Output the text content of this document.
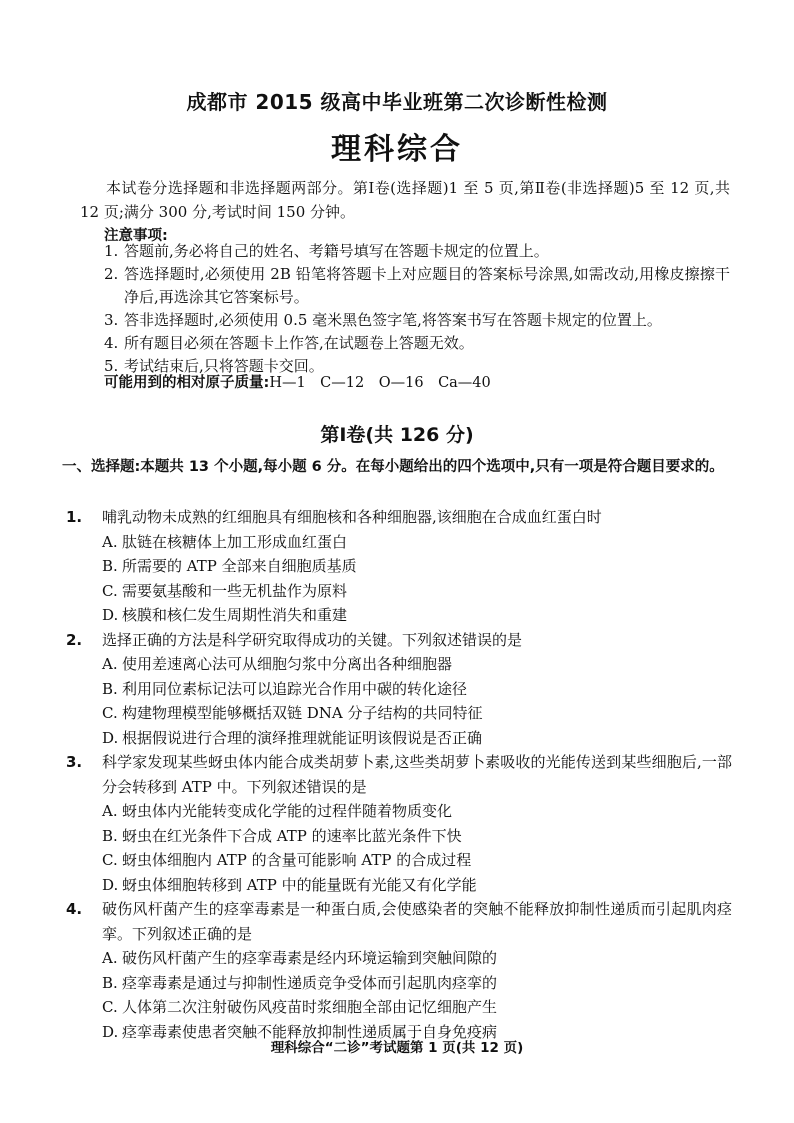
成都市 2015 级高中毕业班第二次诊断性检测
理科综合
本试卷分选择题和非选择题两部分。第Ⅰ卷(选择题)1 至 5 页,第Ⅱ卷(非选择题)5 至 12 页,共 12 页;满分 300 分,考试时间 150 分钟。
注意事项:
1. 答题前,务必将自己的姓名、考籍号填写在答题卡规定的位置上。
2. 答选择题时,必须使用 2B 铅笔将答题卡上对应题目的答案标号涂黑,如需改动,用橡皮擦擦干净后,再选涂其它答案标号。
3. 答非选择题时,必须使用 0.5 毫米黑色签字笔,将答案书写在答题卡规定的位置上。
4. 所有题目必须在答题卡上作答,在试题卷上答题无效。
5. 考试结束后,只将答题卡交回。
可能用到的相对原子质量:H—1　C—12　O—16　Ca—40
第Ⅰ卷(共 126 分)
一、选择题:本题共 13 个小题,每小题 6 分。在每小题给出的四个选项中,只有一项是符合题目要求的。
1. 哺乳动物未成熟的红细胞具有细胞核和各种细胞器,该细胞在合成血红蛋白时
A. 肽链在核糖体上加工形成血红蛋白
B. 所需要的 ATP 全部来自细胞质基质
C. 需要氨基酸和一些无机盐作为原料
D. 核膜和核仁发生周期性消失和重建
2. 选择正确的方法是科学研究取得成功的关键。下列叙述错误的是
A. 使用差速离心法可从细胞匀浆中分离出各种细胞器
B. 利用同位素标记法可以追踪光合作用中碳的转化途径
C. 构建物理模型能够概括双链 DNA 分子结构的共同特征
D. 根据假说进行合理的演绎推理就能证明该假说是否正确
3. 科学家发现某些蚜虫体内能合成类胡萝卜素,这些类胡萝卜素吸收的光能传送到某些细胞后,一部分会转移到 ATP 中。下列叙述错误的是
A. 蚜虫体内光能转变成化学能的过程伴随着物质变化
B. 蚜虫在红光条件下合成 ATP 的速率比蓝光条件下快
C. 蚜虫体细胞内 ATP 的含量可能影响 ATP 的合成过程
D. 蚜虫体细胞转移到 ATP 中的能量既有光能又有化学能
4. 破伤风杆菌产生的痉挛毒素是一种蛋白质,会使感染者的突触不能释放抑制性递质而引起肌肉痉挛。下列叙述正确的是
A. 破伤风杆菌产生的痉挛毒素是经内环境运输到突触间隙的
B. 痉挛毒素是通过与抑制性递质竞争受体而引起肌肉痉挛的
C. 人体第二次注射破伤风疫苗时浆细胞全部由记忆细胞产生
D. 痉挛毒素使患者突触不能释放抑制性递质属于自身免疫病
理科综合“二诊”考试题第 1 页(共 12 页)
